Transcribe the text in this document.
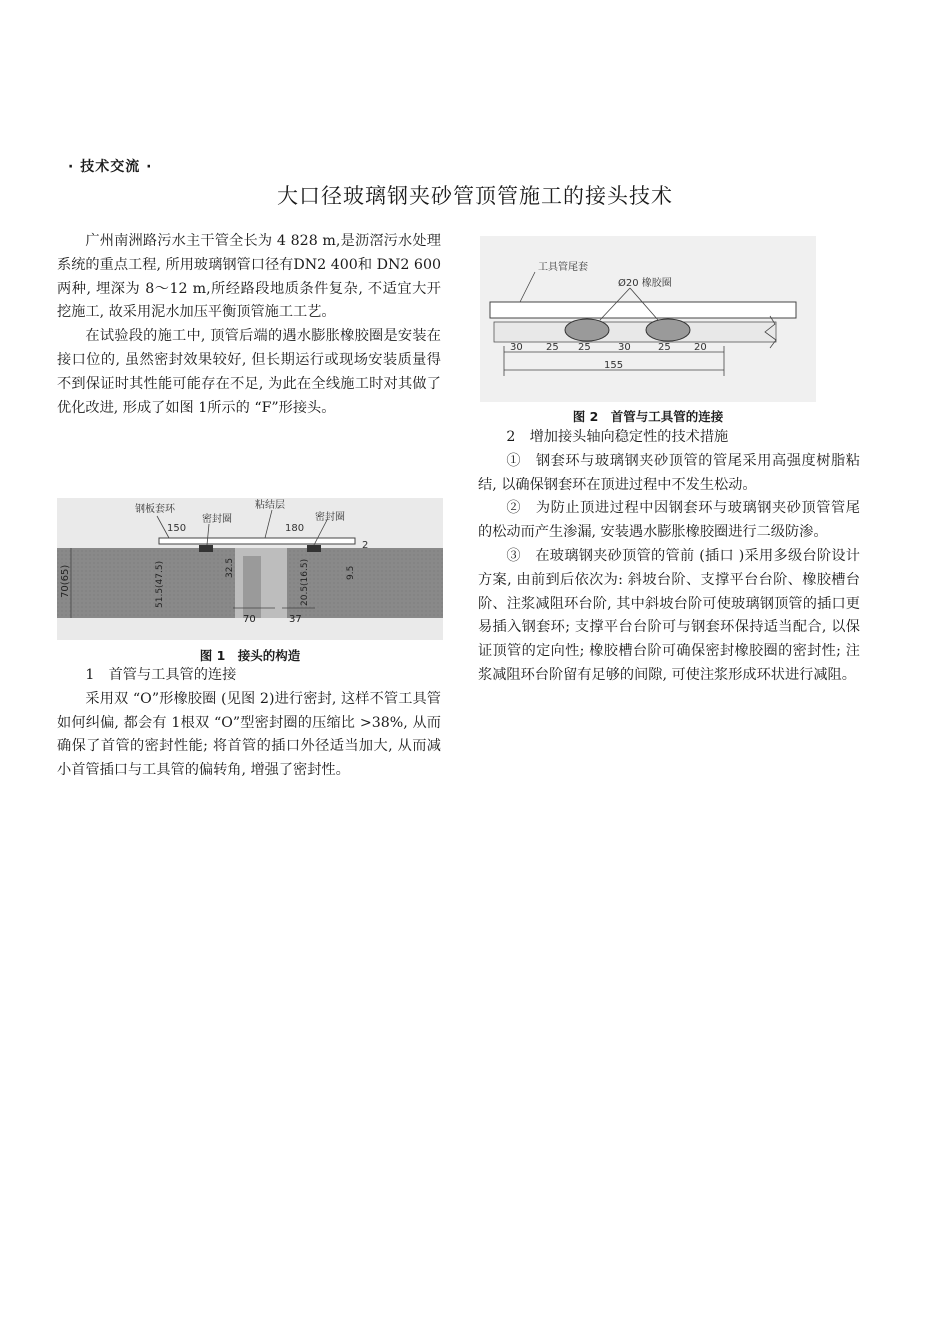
· 技术交流 ·
大口径玻璃钢夹砂管顶管施工的接头技术

广州南洲路污水主干管全长为 4 828 m,是沥滘污水处理系统的重点工程, 所用玻璃钢管口径有DN2 400和 DN2 600两种, 埋深为 8～12 m,所经路段地质条件复杂, 不适宜大开挖施工, 故采用泥水加压平衡顶管施工工艺。

在试验段的施工中, 顶管后端的遇水膨胀橡胶圈是安装在接口位的, 虽然密封效果较好, 但长期运行或现场安装质量得不到保证时其性能可能存在不足, 为此在全线施工时对其做了优化改进, 形成了如图 1所示的 “F”形接头。

钢板套环
150
密封圈
粘结层
180
密封圈
2
70	37
70(65)	51.5(47.5)	32.5	20.5(16.5)	9.5
图 1　接头的构造

1　首管与工具管的连接

采用双 “O”形橡胶圈 (见图 2)进行密封, 这样不管工具管如何纠偏, 都会有 1根双 “O”型密封圈的压缩比 >38%, 从而确保了首管的密封性能; 将首管的插口外径适当加大, 从而减小首管插口与工具管的偏转角, 增强了密封性。

工具管尾套
Ø20 橡胶圈
30 25 25	30	25 20
155
图 2　首管与工具管的连接

2　增加接头轴向稳定性的技术措施

①　钢套环与玻璃钢夹砂顶管的管尾采用高强度树脂粘结, 以确保钢套环在顶进过程中不发生松动。

②　为防止顶进过程中因钢套环与玻璃钢夹砂顶管管尾的松动而产生渗漏, 安装遇水膨胀橡胶圈进行二级防渗。

③　在玻璃钢夹砂顶管的管前 (插口 )采用多级台阶设计方案, 由前到后依次为: 斜坡台阶、支撑平台台阶、橡胶槽台阶、注浆减阻环台阶, 其中斜坡台阶可使玻璃钢顶管的插口更易插入钢套环; 支撑平台台阶可与钢套环保持适当配合, 以保证顶管的定向性; 橡胶槽台阶可确保密封橡胶圈的密封性; 注浆减阻环台阶留有足够的间隙, 可使注浆形成环状进行减阻。
